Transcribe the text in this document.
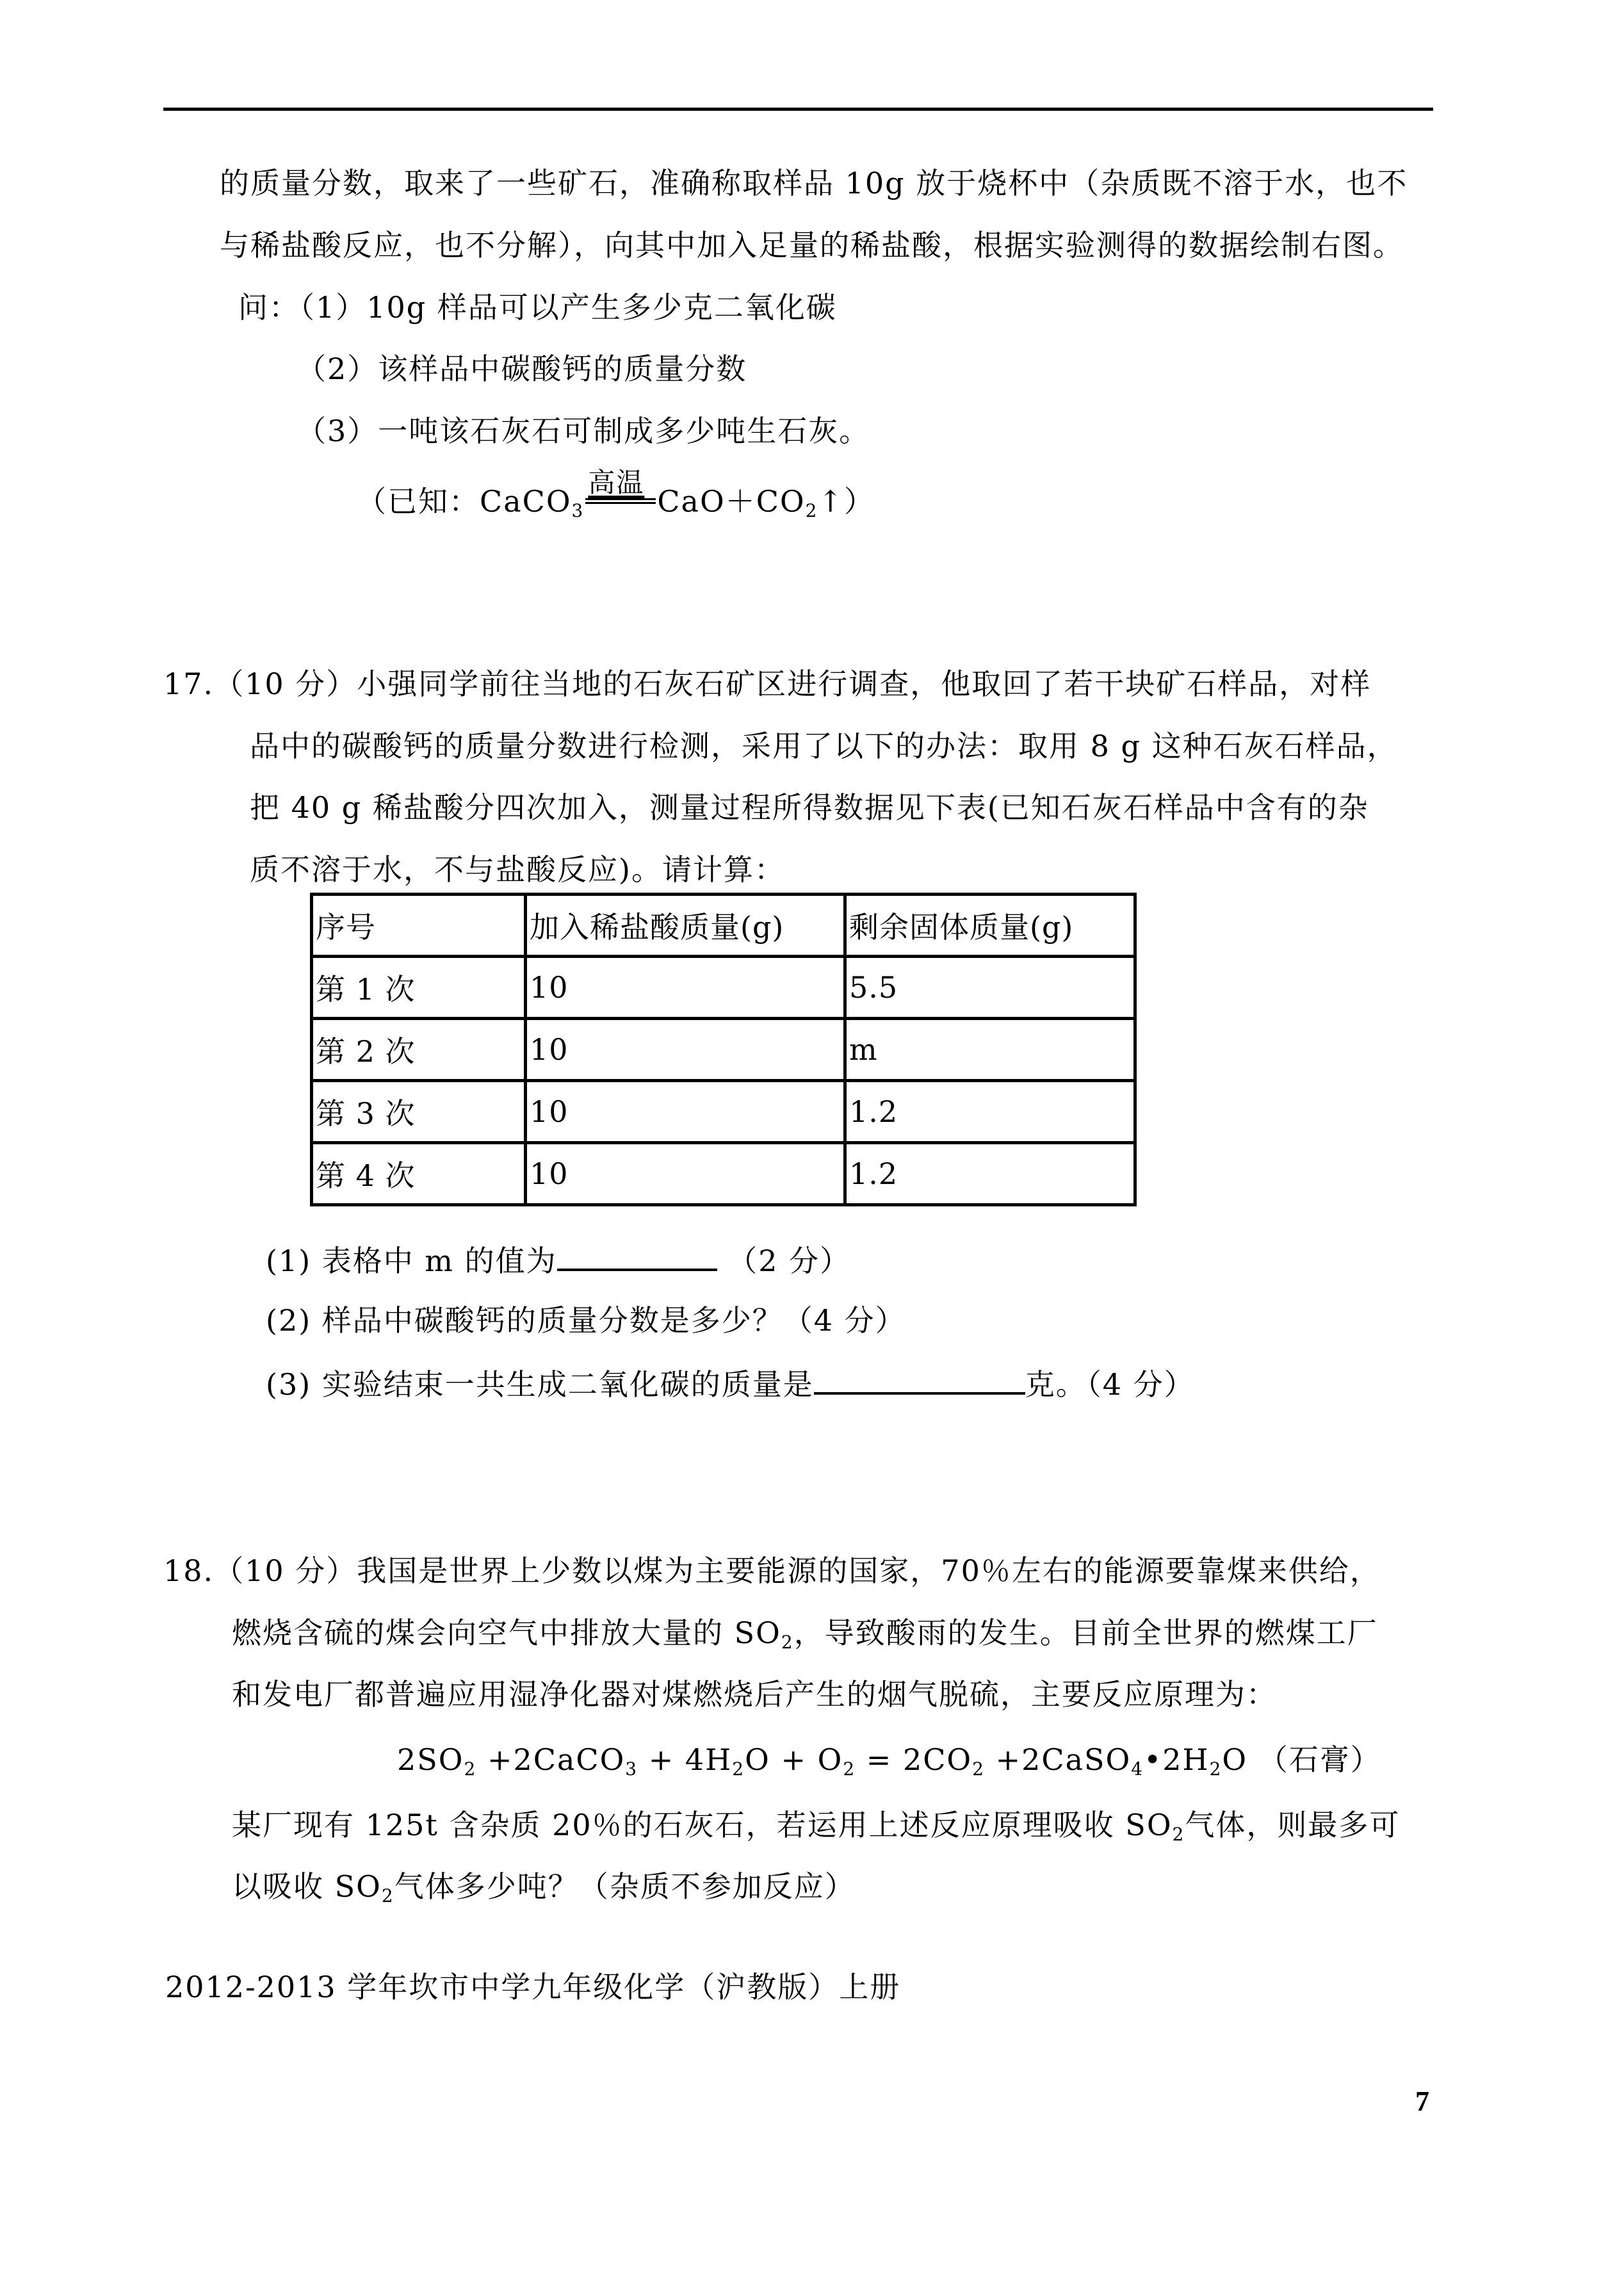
的质量分数，取来了一些矿石，准确称取样品 10g 放于烧杯中（杂质既不溶于水，也不
与稀盐酸反应，也不分解），向其中加入足量的稀盐酸，根据实验测得的数据绘制右图。
问：（1）10g 样品可以产生多少克二氧化碳
（2）该样品中碳酸钙的质量分数
（3）一吨该石灰石可制成多少吨生石灰。
（已知：CaCO$_3$
高温
$CaO+CO_2↑$）
17.（10 分）小强同学前往当地的石灰石矿区进行调查，他取回了若干块矿石样品，对样
品中的碳酸钙的质量分数进行检测，采用了以下的办法：取用 8 g 这种石灰石样品，
把 40 g 稀盐酸分四次加入，测量过程所得数据见下表(已知石灰石样品中含有的杂
质不溶于水，不与盐酸反应)。请计算：
序号	加入稀盐酸质量(g)	剩余固体质量(g)
第 1 次	10	5.5
第 2 次	10	m
第 3 次	10	1.2
第 4 次	10	1.2
(1) 表格中 m 的值为	（2 分）
(2) 样品中碳酸钙的质量分数是多少？（4 分）
(3) 实验结束一共生成二氧化碳的质量是	克。（4 分）
18.（10 分）我国是世界上少数以煤为主要能源的国家，70％左右的能源要靠煤来供给，
燃烧含硫的煤会向空气中排放大量的 $SO_2$，导致酸雨的发生。目前全世界的燃煤工厂
和发电厂都普遍应用湿净化器对煤燃烧后产生的烟气脱硫，主要反应原理为：
$2SO_2$ +2CaCO$_3$ + $4H_2O + O_2 = 2CO_2$ $+2CaSO_4•2H_2O$ （石膏）
某厂现有 125t 含杂质 20％的石灰石，若运用上述反应原理吸收 $SO_2$气体，则最多可
以吸收 $SO_2$气体多少吨？（杂质不参加反应）
2012-2013 学年坎市中学九年级化学（沪教版）上册
7
